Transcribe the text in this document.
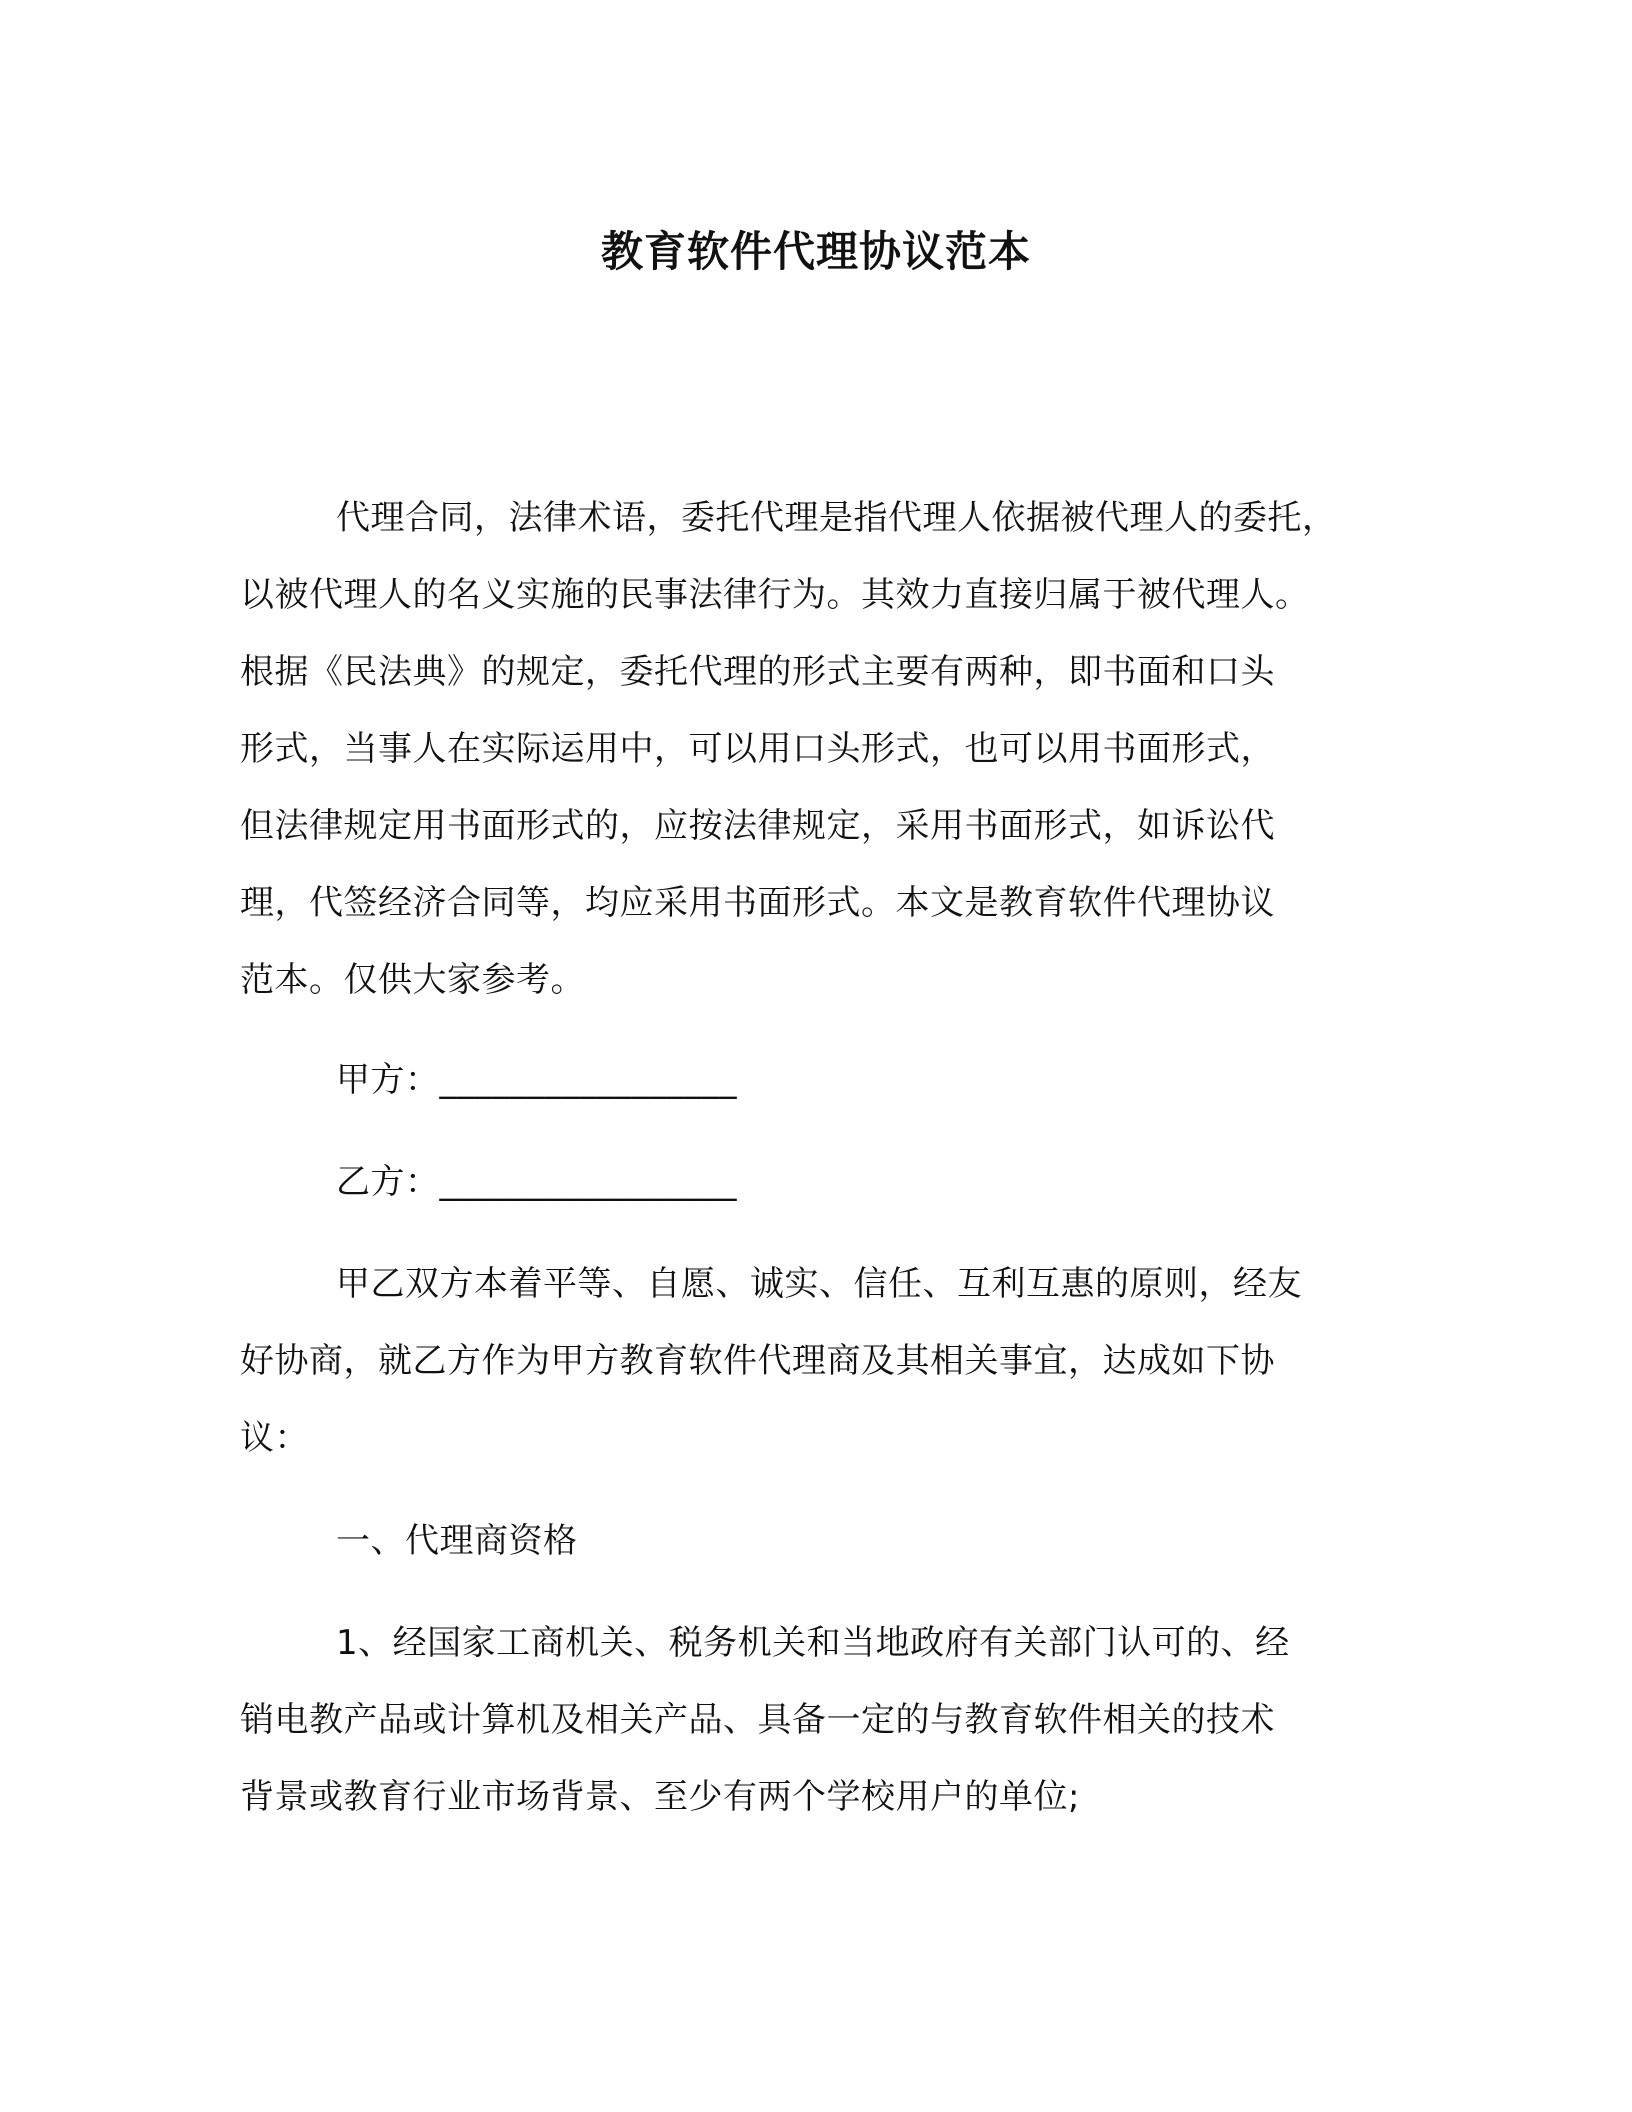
教育软件代理协议范本
代理合同，法律术语，委托代理是指代理人依据被代理人的委托，
以被代理人的名义实施的民事法律行为。其效力直接归属于被代理人。
根据《民法典》的规定，委托代理的形式主要有两种，即书面和口头
形式，当事人在实际运用中，可以用口头形式，也可以用书面形式，
但法律规定用书面形式的，应按法律规定，采用书面形式，如诉讼代
理，代签经济合同等，均应采用书面形式。本文是教育软件代理协议
范本。仅供大家参考。
甲方：_________________
乙方：_________________
甲乙双方本着平等、自愿、诚实、信任、互利互惠的原则，经友
好协商，就乙方作为甲方教育软件代理商及其相关事宜，达成如下协
议：
一、代理商资格
1、经国家工商机关、税务机关和当地政府有关部门认可的、经
销电教产品或计算机及相关产品、具备一定的与教育软件相关的技术
背景或教育行业市场背景、至少有两个学校用户的单位;
